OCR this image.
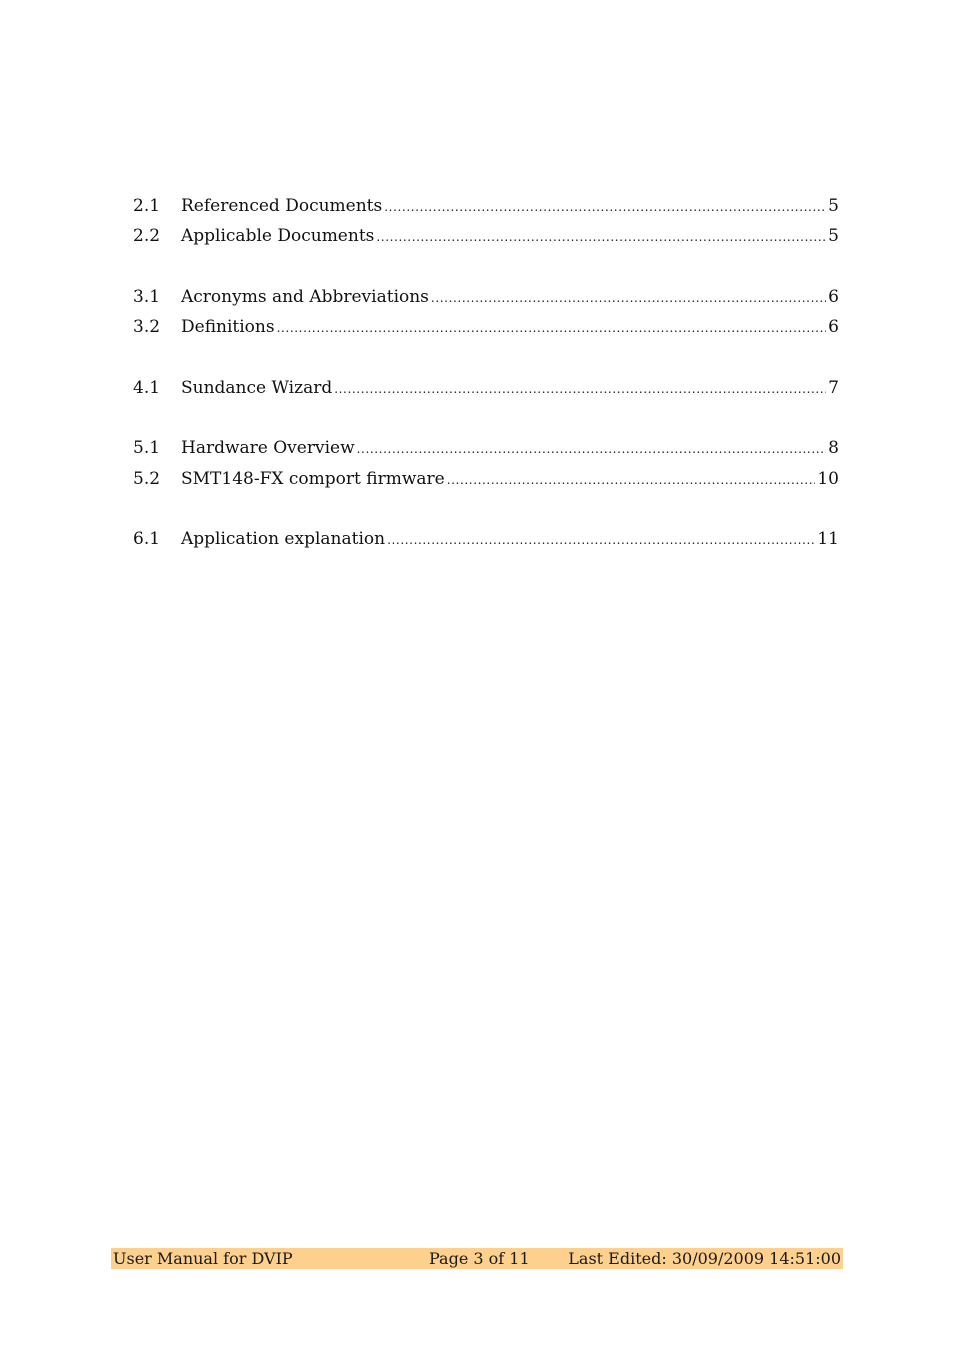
2.1	Referenced Documents .....	5
2.2	Applicable Documents .....	5
3.1	Acronyms and Abbreviations .....	6
3.2	Definitions .....	6
4.1	Sundance Wizard .....	7
5.1	Hardware Overview .....	8
5.2	SMT148-FX comport firmware .....	10
6.1	Application explanation .....	11
User Manual for DVIP	Page 3 of 11 Last Edited: 30/09/2009 14:51:00
